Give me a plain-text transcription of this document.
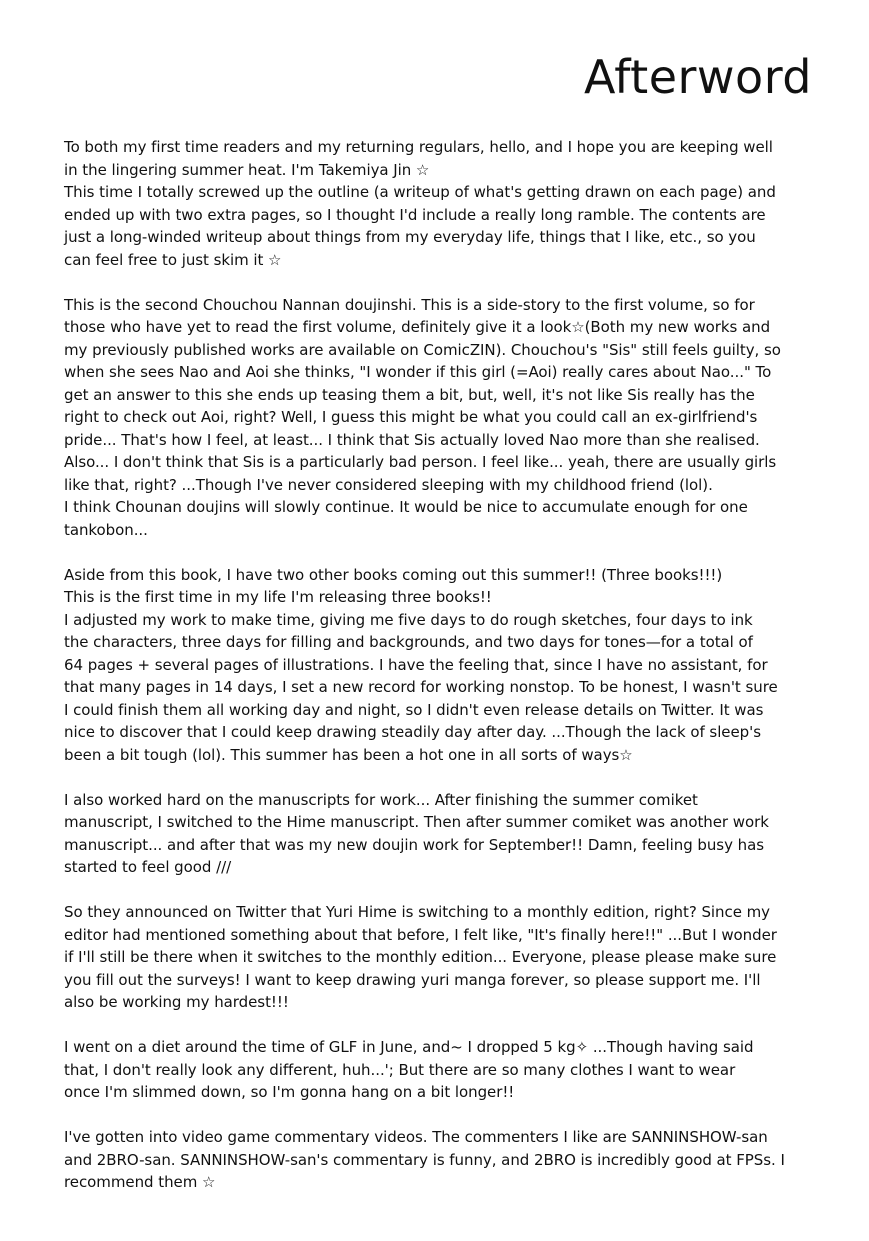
Afterword
To both my first time readers and my returning regulars, hello, and I hope you are keeping well
in the lingering summer heat. I'm Takemiya Jin ☆
This time I totally screwed up the outline (a writeup of what's getting drawn on each page) and
ended up with two extra pages, so I thought I'd include a really long ramble. The contents are
just a long-winded writeup about things from my everyday life, things that I like, etc., so you
can feel free to just skim it ☆
This is the second Chouchou Nannan doujinshi. This is a side-story to the first volume, so for
those who have yet to read the first volume, definitely give it a look☆(Both my new works and
my previously published works are available on ComicZIN). Chouchou's "Sis" still feels guilty, so
when she sees Nao and Aoi she thinks, "I wonder if this girl (=Aoi) really cares about Nao..." To
get an answer to this she ends up teasing them a bit, but, well, it's not like Sis really has the
right to check out Aoi, right? Well, I guess this might be what you could call an ex-girlfriend's
pride... That's how I feel, at least... I think that Sis actually loved Nao more than she realised.
Also... I don't think that Sis is a particularly bad person. I feel like... yeah, there are usually girls
like that, right? ...Though I've never considered sleeping with my childhood friend (lol).
I think Chounan doujins will slowly continue. It would be nice to accumulate enough for one
tankobon...
Aside from this book, I have two other books coming out this summer!! (Three books!!!)
This is the first time in my life I'm releasing three books!!
I adjusted my work to make time, giving me five days to do rough sketches, four days to ink
the characters, three days for filling and backgrounds, and two days for tones—for a total of
64 pages + several pages of illustrations. I have the feeling that, since I have no assistant, for
that many pages in 14 days, I set a new record for working nonstop. To be honest, I wasn't sure
I could finish them all working day and night, so I didn't even release details on Twitter. It was
nice to discover that I could keep drawing steadily day after day. ...Though the lack of sleep's
been a bit tough (lol). This summer has been a hot one in all sorts of ways☆
I also worked hard on the manuscripts for work... After finishing the summer comiket
manuscript, I switched to the Hime manuscript. Then after summer comiket was another work
manuscript... and after that was my new doujin work for September!! Damn, feeling busy has
started to feel good ///
So they announced on Twitter that Yuri Hime is switching to a monthly edition, right? Since my
editor had mentioned something about that before, I felt like, "It's finally here!!" ...But I wonder
if I'll still be there when it switches to the monthly edition... Everyone, please please make sure
you fill out the surveys! I want to keep drawing yuri manga forever, so please support me. I'll
also be working my hardest!!!
I went on a diet around the time of GLF in June, and~ I dropped 5 kg✧ ...Though having said
that, I don't really look any different, huh...'; But there are so many clothes I want to wear
once I'm slimmed down, so I'm gonna hang on a bit longer!!
I've gotten into video game commentary videos. The commenters I like are SANNINSHOW-san
and 2BRO-san. SANNINSHOW-san's commentary is funny, and 2BRO is incredibly good at FPSs. I
recommend them ☆
